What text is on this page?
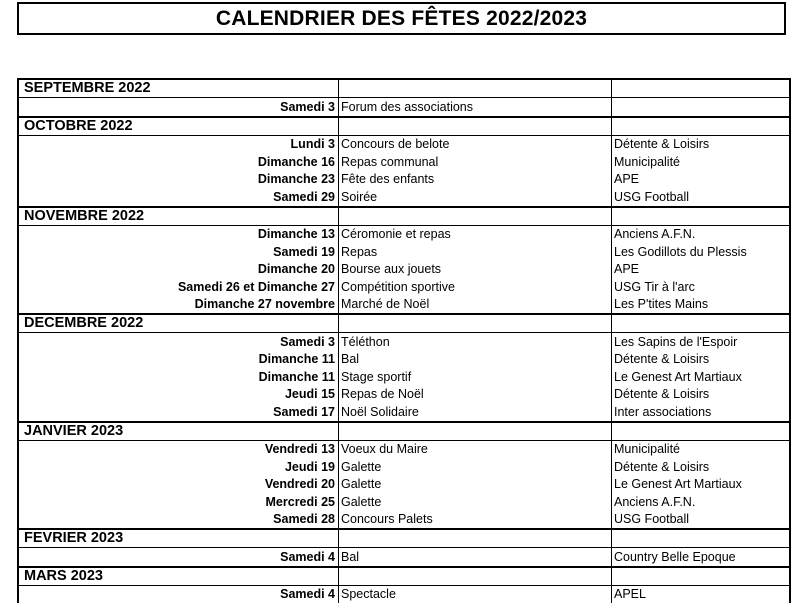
CALENDRIER DES FÊTES 2022/2023
SEPTEMBRE 2022		
Samedi 3	Forum des associations	
OCTOBRE 2022		
Lundi 3	Concours de belote	Détente & Loisirs
Dimanche 16	Repas communal	Municipalité
Dimanche 23	Fête des enfants	APE
Samedi 29	Soirée	USG Football
NOVEMBRE 2022		
Dimanche 13	Céromonie et repas	Anciens A.F.N.
Samedi 19	Repas	Les Godillots du Plessis
Dimanche 20	Bourse aux jouets	APE
Samedi 26 et Dimanche 27	Compétition sportive	USG Tir à l'arc
Dimanche 27 novembre	Marché de Noël	Les P'tites Mains
DECEMBRE 2022		
Samedi 3	Téléthon	Les Sapins de l'Espoir
Dimanche 11	Bal	Détente & Loisirs
Dimanche 11	Stage sportif	Le Genest Art Martiaux
Jeudi 15	Repas de Noël	Détente & Loisirs
Samedi 17	Noël Solidaire	Inter associations
JANVIER 2023		
Vendredi 13	Voeux du Maire	Municipalité
Jeudi 19	Galette	Détente & Loisirs
Vendredi 20	Galette	Le Genest Art Martiaux
Mercredi 25	Galette	Anciens A.F.N.
Samedi 28	Concours Palets	USG Football
FEVRIER 2023		
Samedi 4	Bal	Country Belle Epoque
MARS 2023		
Samedi 4	Spectacle	APEL
